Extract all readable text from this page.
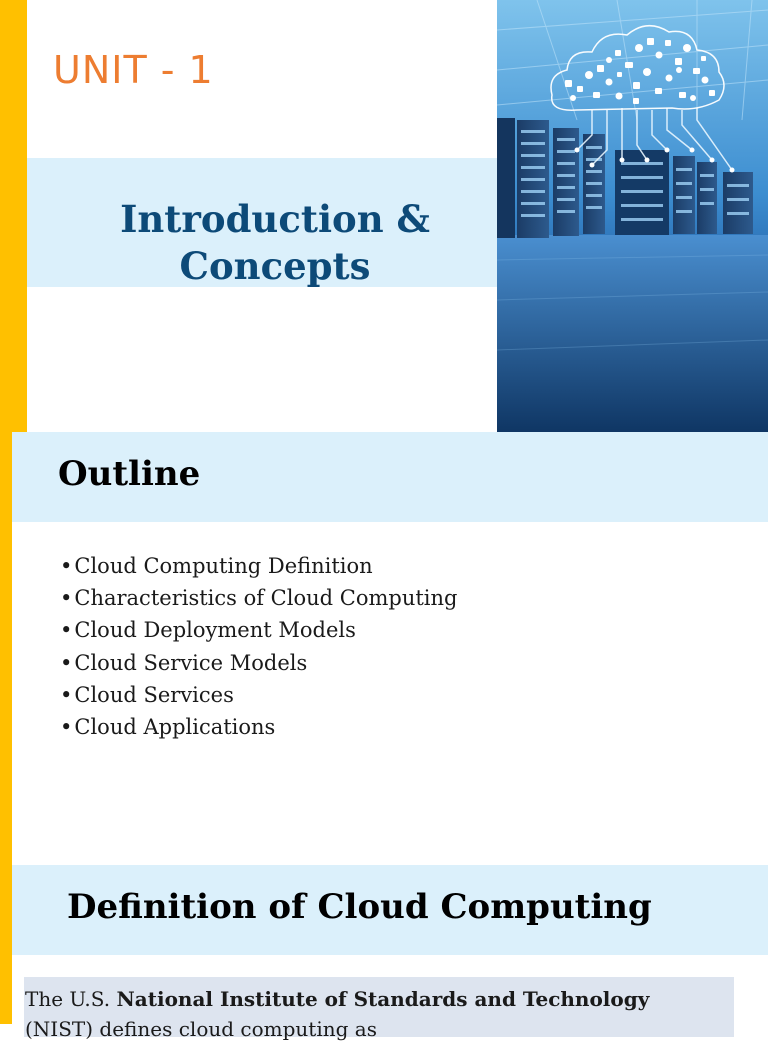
UNIT - 1
Introduction &
Concepts
Outline
• Cloud Computing Definition
• Characteristics of Cloud Computing
• Cloud Deployment Models
• Cloud Service Models
• Cloud Services
• Cloud Applications
Definition of Cloud Computing
The U.S. National Institute of Standards and Technology
(NIST) defines cloud computing as
